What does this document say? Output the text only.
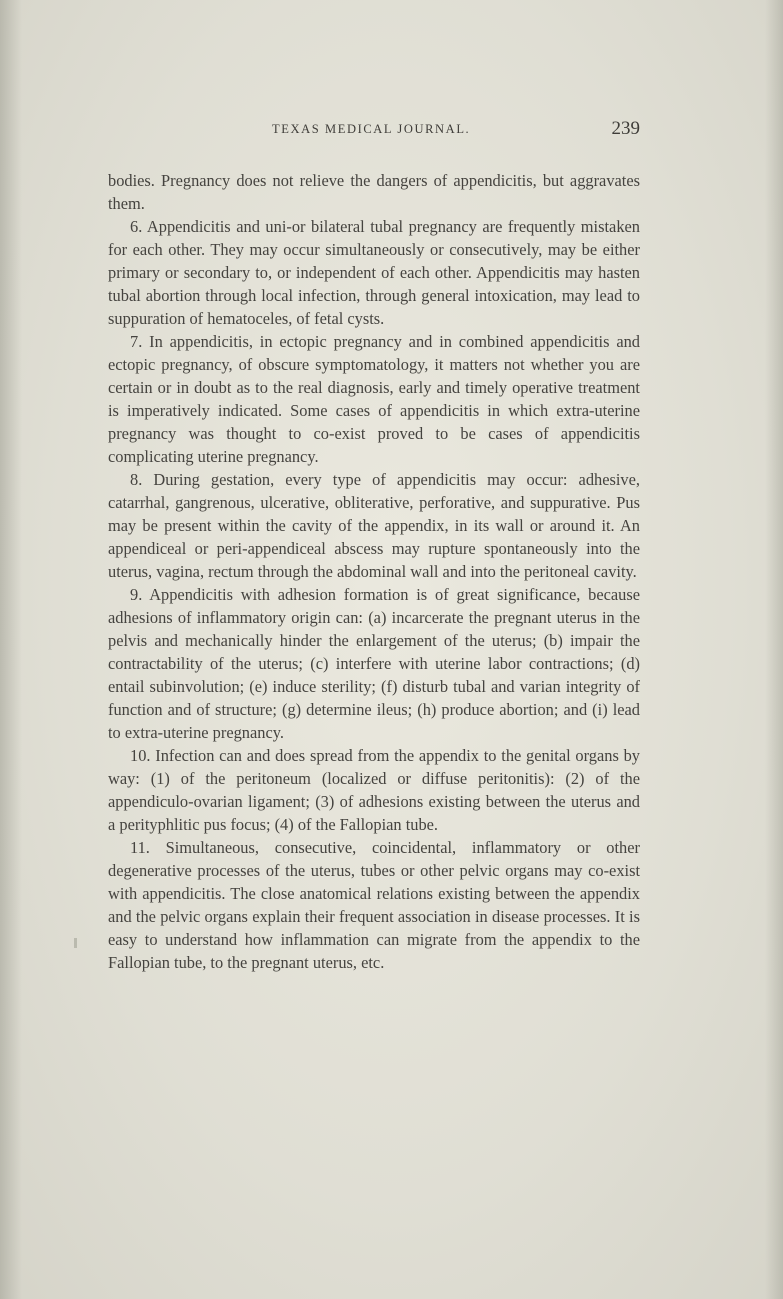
TEXAS MEDICAL JOURNAL.	239

bodies. Pregnancy does not relieve the dangers of appendicitis, but aggravates them.

6. Appendicitis and uni-or bilateral tubal pregnancy are frequently mistaken for each other. They may occur simultaneously or consecutively, may be either primary or secondary to, or independent of each other. Appendicitis may hasten tubal abortion through local infection, through general intoxication, may lead to suppuration of hematoceles, of fetal cysts.

7. In appendicitis, in ectopic pregnancy and in combined appendicitis and ectopic pregnancy, of obscure symptomatology, it matters not whether you are certain or in doubt as to the real diagnosis, early and timely operative treatment is imperatively indicated. Some cases of appendicitis in which extra-uterine pregnancy was thought to co-exist proved to be cases of appendicitis complicating uterine pregnancy.

8. During gestation, every type of appendicitis may occur: adhesive, catarrhal, gangrenous, ulcerative, obliterative, perforative, and suppurative. Pus may be present within the cavity of the appendix, in its wall or around it. An appendiceal or peri-appendiceal abscess may rupture spontaneously into the uterus, vagina, rectum through the abdominal wall and into the peritoneal cavity.

9. Appendicitis with adhesion formation is of great significance, because adhesions of inflammatory origin can: (a) incarcerate the pregnant uterus in the pelvis and mechanically hinder the enlargement of the uterus; (b) impair the contractability of the uterus; (c) interfere with uterine labor contractions; (d) entail subinvolution; (e) induce sterility; (f) disturb tubal and varian integrity of function and of structure; (g) determine ileus; (h) produce abortion; and (i) lead to extra-uterine pregnancy.

10. Infection can and does spread from the appendix to the genital organs by way: (1) of the peritoneum (localized or diffuse peritonitis): (2) of the appendiculo-ovarian ligament; (3) of adhesions existing between the uterus and a perityphlitic pus focus; (4) of the Fallopian tube.

11. Simultaneous, consecutive, coincidental, inflammatory or other degenerative processes of the uterus, tubes or other pelvic organs may co-exist with appendicitis. The close anatomical relations existing between the appendix and the pelvic organs explain their frequent association in disease processes. It is easy to understand how inflammation can migrate from the appendix to the Fallopian tube, to the pregnant uterus, etc.
